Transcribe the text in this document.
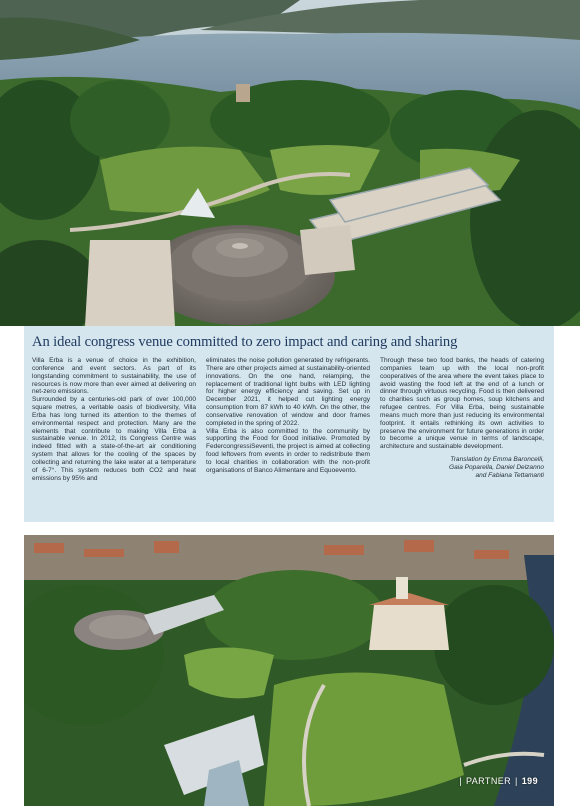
An ideal congress venue committed to zero impact and caring and sharing

Villa Erba is a venue of choice in the exhibition, conference and event sectors. As part of its longstanding commitment to sustainability, the use of resources is now more than ever aimed at delivering on net-zero emissions.

Surrounded by a centuries-old park of over 100,000 square metres, a veritable oasis of biodiversity, Villa Erba has long turned its attention to the themes of environmental respect and protection. Many are the elements that contribute to making Villa Erba a sustainable venue. In 2012, its Congress Centre was indeed fitted with a state-of-the-art air conditioning system that allows for the cooling of the spaces by collecting and returning the lake water at a temperature of 6-7°. This system reduces both CO2 and heat emissions by 95% and

eliminates the noise pollution generated by refrigerants. There are other projects aimed at sustainability-oriented innovations. On the one hand, relamping, the replacement of traditional light bulbs with LED lighting for higher energy efficiency and saving. Set up in December 2021, it helped cut lighting energy consumption from 87 kWh to 40 kWh. On the other, the conservative renovation of window and door frames completed in the spring of 2022.

Villa Erba is also committed to the community by supporting the Food for Good initiative. Promoted by FedercongressiSeventi, the project is aimed at collecting food leftovers from events in order to redistribute them to local charities in collaboration with the non-profit organisations of Banco Alimentare and Equoevento.

Through these two food banks, the heads of catering companies team up with the local non-profit cooperatives of the area where the event takes place to avoid wasting the food left at the end of a lunch or dinner through virtuous recycling. Food is then delivered to charities such as group homes, soup kitchens and refugee centres. For Villa Erba, being sustainable means much more than just reducing its environmental footprint. It entails rethinking its own activities to preserve the environment for future generations in order to become a unique venue in terms of landscape, architecture and sustainable development.

Translation by Emma Baroncelli,
Gaia Poparella, Daniel Delzanno
and Fabiana Tettamanti
| PARTNER | 199
